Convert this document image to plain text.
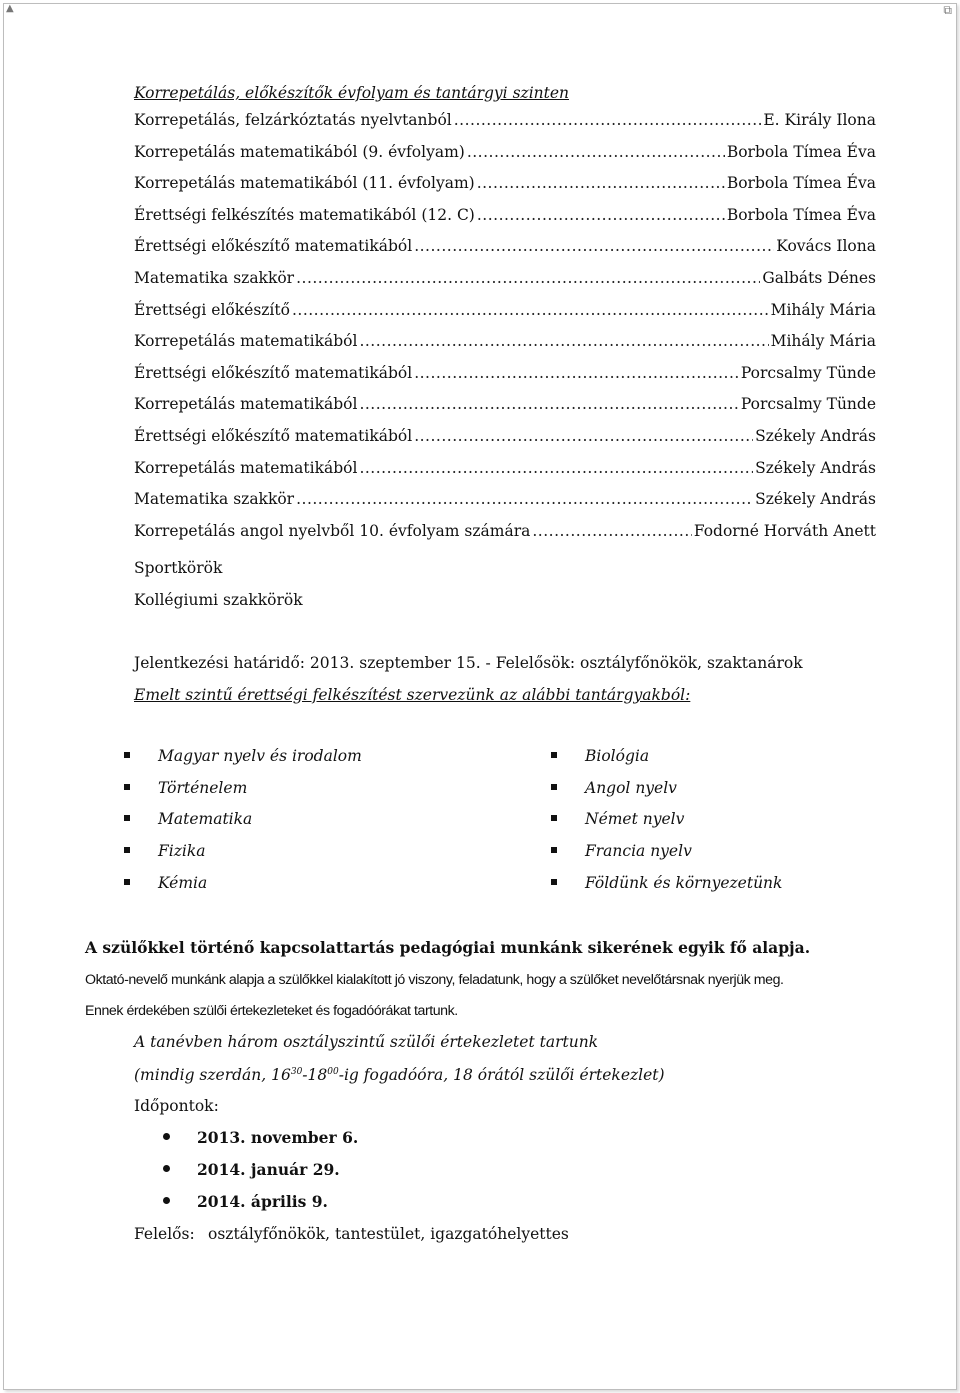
▲	⧉
Korrepetálás, előkészítők évfolyam és tantárgyi szinten
Korrepetálás, felzárkóztatás nyelvtanból .....	E. Király Ilona
Korrepetálás matematikából (9. évfolyam) .....	Borbola Tímea Éva
Korrepetálás matematikából (11. évfolyam) .....	Borbola Tímea Éva
Érettségi felkészítés matematikából (12. C) .....	Borbola Tímea Éva
Érettségi előkészítő matematikából .....	Kovács Ilona
Matematika szakkör .....	Galbáts Dénes
Érettségi előkészítő .....	Mihály Mária
Korrepetálás matematikából .....	Mihály Mária
Érettségi előkészítő matematikából .....	Porcsalmy Tünde
Korrepetálás matematikából .....	Porcsalmy Tünde
Érettségi előkészítő matematikából .....	Székely András
Korrepetálás matematikából .....	Székely András
Matematika szakkör .....	Székely András
Korrepetálás angol nyelvből 10. évfolyam számára .....	Fodorné Horváth Anett
Sportkörök
Kollégiumi szakkörök
Jelentkezési határidő: 2013. szeptember 15. - Felelősök: osztályfőnökök, szaktanárok
Emelt szintű érettségi felkészítést szervezünk az alábbi tantárgyakból:
Magyar nyelv és irodalom
Történelem
Matematika
Fizika
Kémia
Biológia
Angol nyelv
Német nyelv
Francia nyelv
Földünk és környezetünk
A szülőkkel történő kapcsolattartás pedagógiai munkánk sikerének egyik fő alapja.
Oktató-nevelő munkánk alapja a szülőkkel kialakított jó viszony, feladatunk, hogy a szülőket nevelőtársnak nyerjük meg.
Ennek érdekében szülői értekezleteket és fogadóórákat tartunk.
A tanévben három osztályszintű szülői értekezletet tartunk
(mindig szerdán, $16^{30}-18^{00}-ig$ fogadóóra, 18 órától szülői értekezlet)
Időpontok:
2013. november 6.
2014. január 29.
2014. április 9.
Felelős: osztályfőnökök, tantestület, igazgatóhelyettes
